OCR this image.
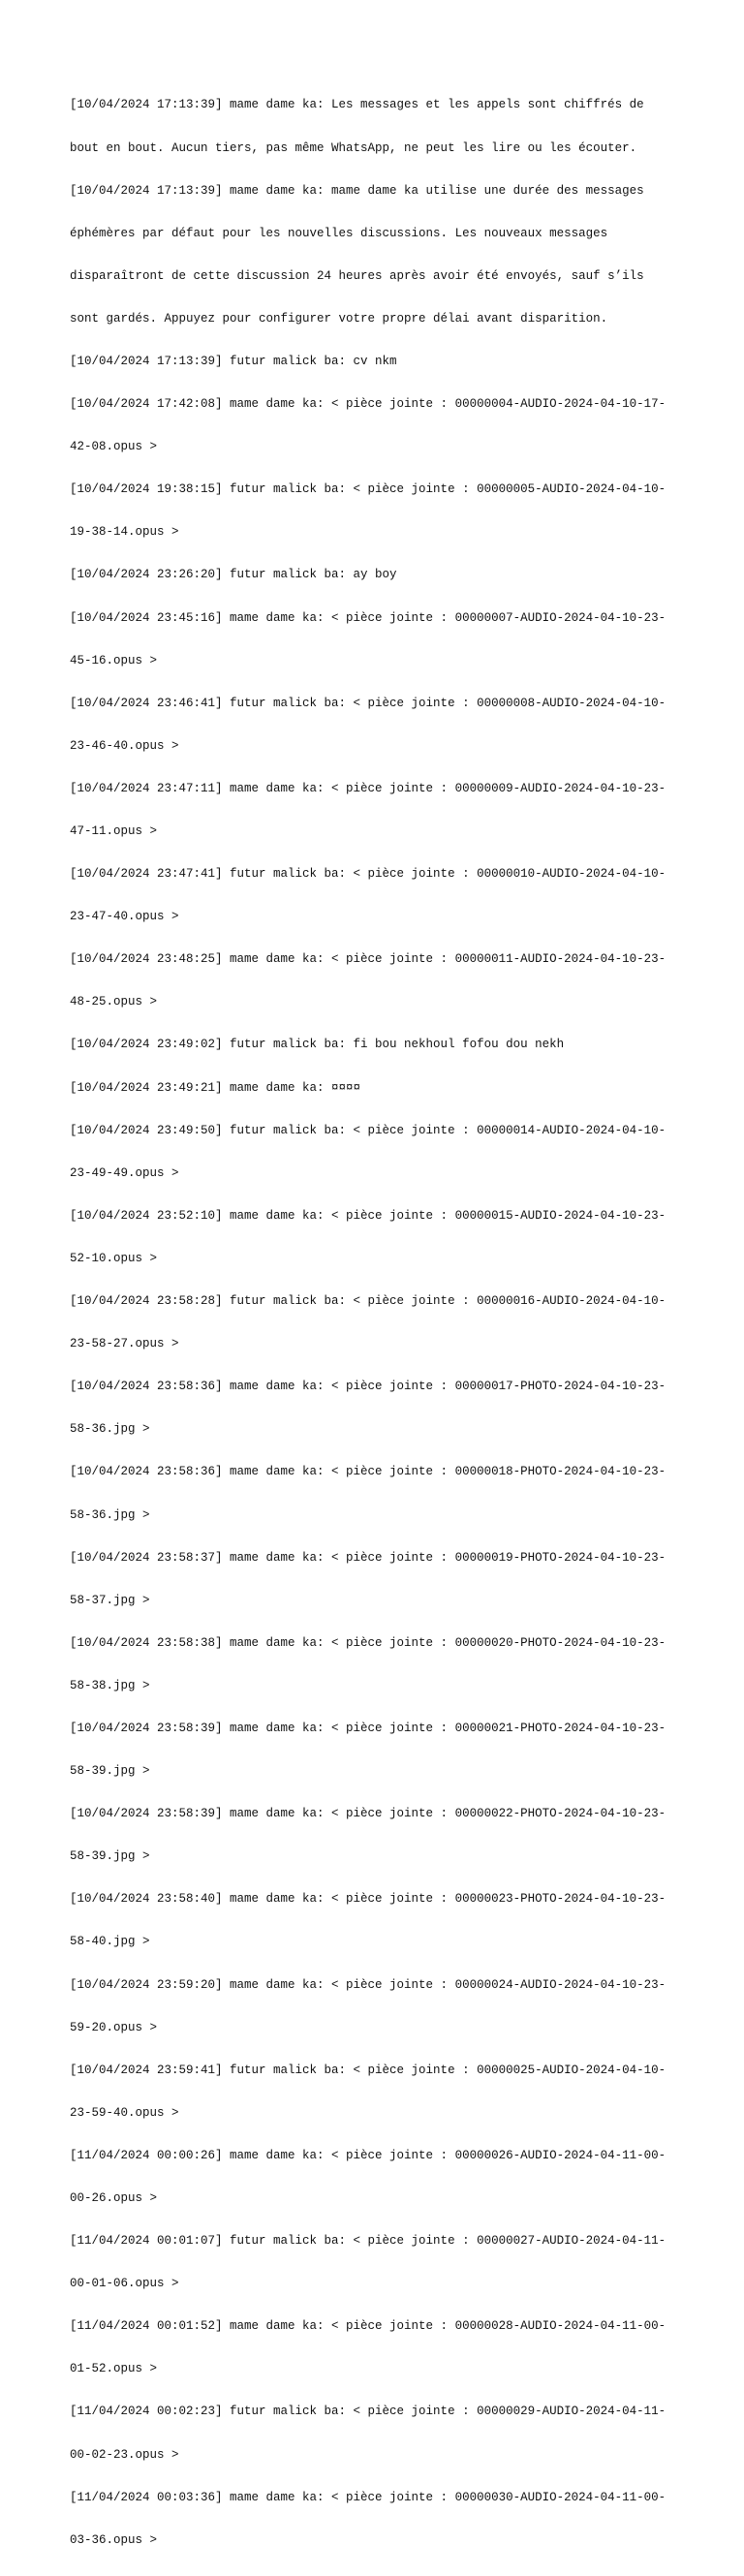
[10/04/2024 17:13:39] mame dame ka: Les messages et les appels sont chiffrés de

bout en bout. Aucun tiers, pas même WhatsApp, ne peut les lire ou les écouter.

[10/04/2024 17:13:39] mame dame ka: mame dame ka utilise une durée des messages

éphémères par défaut pour les nouvelles discussions. Les nouveaux messages

disparaîtront de cette discussion 24 heures après avoir été envoyés, sauf s’ils

sont gardés. Appuyez pour configurer votre propre délai avant disparition.

[10/04/2024 17:13:39] futur malick ba: cv nkm

[10/04/2024 17:42:08] mame dame ka: < pièce jointe : 00000004-AUDIO-2024-04-10-17-

42-08.opus >

[10/04/2024 19:38:15] futur malick ba: < pièce jointe : 00000005-AUDIO-2024-04-10-

19-38-14.opus >

[10/04/2024 23:26:20] futur malick ba: ay boy

[10/04/2024 23:45:16] mame dame ka: < pièce jointe : 00000007-AUDIO-2024-04-10-23-

45-16.opus >

[10/04/2024 23:46:41] futur malick ba: < pièce jointe : 00000008-AUDIO-2024-04-10-

23-46-40.opus >

[10/04/2024 23:47:11] mame dame ka: < pièce jointe : 00000009-AUDIO-2024-04-10-23-

47-11.opus >

[10/04/2024 23:47:41] futur malick ba: < pièce jointe : 00000010-AUDIO-2024-04-10-

23-47-40.opus >

[10/04/2024 23:48:25] mame dame ka: < pièce jointe : 00000011-AUDIO-2024-04-10-23-

48-25.opus >

[10/04/2024 23:49:02] futur malick ba: fi bou nekhoul fofou dou nekh

[10/04/2024 23:49:21] mame dame ka: ¤¤¤¤

[10/04/2024 23:49:50] futur malick ba: < pièce jointe : 00000014-AUDIO-2024-04-10-

23-49-49.opus >

[10/04/2024 23:52:10] mame dame ka: < pièce jointe : 00000015-AUDIO-2024-04-10-23-

52-10.opus >

[10/04/2024 23:58:28] futur malick ba: < pièce jointe : 00000016-AUDIO-2024-04-10-

23-58-27.opus >

[10/04/2024 23:58:36] mame dame ka: < pièce jointe : 00000017-PHOTO-2024-04-10-23-

58-36.jpg >

[10/04/2024 23:58:36] mame dame ka: < pièce jointe : 00000018-PHOTO-2024-04-10-23-

58-36.jpg >

[10/04/2024 23:58:37] mame dame ka: < pièce jointe : 00000019-PHOTO-2024-04-10-23-

58-37.jpg >

[10/04/2024 23:58:38] mame dame ka: < pièce jointe : 00000020-PHOTO-2024-04-10-23-

58-38.jpg >

[10/04/2024 23:58:39] mame dame ka: < pièce jointe : 00000021-PHOTO-2024-04-10-23-

58-39.jpg >

[10/04/2024 23:58:39] mame dame ka: < pièce jointe : 00000022-PHOTO-2024-04-10-23-

58-39.jpg >

[10/04/2024 23:58:40] mame dame ka: < pièce jointe : 00000023-PHOTO-2024-04-10-23-

58-40.jpg >

[10/04/2024 23:59:20] mame dame ka: < pièce jointe : 00000024-AUDIO-2024-04-10-23-

59-20.opus >

[10/04/2024 23:59:41] futur malick ba: < pièce jointe : 00000025-AUDIO-2024-04-10-

23-59-40.opus >

[11/04/2024 00:00:26] mame dame ka: < pièce jointe : 00000026-AUDIO-2024-04-11-00-

00-26.opus >

[11/04/2024 00:01:07] futur malick ba: < pièce jointe : 00000027-AUDIO-2024-04-11-

00-01-06.opus >

[11/04/2024 00:01:52] mame dame ka: < pièce jointe : 00000028-AUDIO-2024-04-11-00-

01-52.opus >

[11/04/2024 00:02:23] futur malick ba: < pièce jointe : 00000029-AUDIO-2024-04-11-

00-02-23.opus >

[11/04/2024 00:03:36] mame dame ka: < pièce jointe : 00000030-AUDIO-2024-04-11-00-

03-36.opus >
